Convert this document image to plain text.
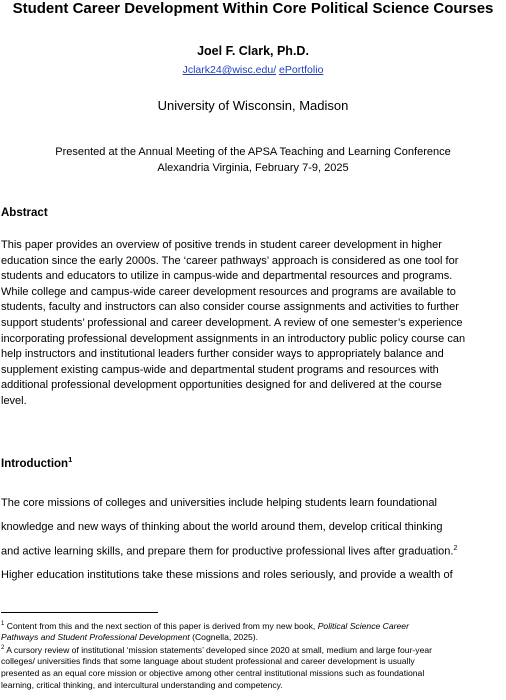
Student Career Development Within Core Political Science Courses
Joel F. Clark, Ph.D.
Jclark24@wisc.edu/ ePortfolio
University of Wisconsin, Madison
Presented at the Annual Meeting of the APSA Teaching and Learning Conference
Alexandria Virginia, February 7-9, 2025
Abstract
This paper provides an overview of positive trends in student career development in higher
education since the early 2000s. The ‘career pathways’ approach is considered as one tool for
students and educators to utilize in campus-wide and departmental resources and programs.
While college and campus-wide career development resources and programs are available to
students, faculty and instructors can also consider course assignments and activities to further
support students’ professional and career development. A review of one semester’s experience
incorporating professional development assignments in an introductory public policy course can
help instructors and institutional leaders further consider ways to appropriately balance and
supplement existing campus-wide and departmental student programs and resources with
additional professional development opportunities designed for and delivered at the course
level.
Introduction$^1$
The core missions of colleges and universities include helping students learn foundational
knowledge and new ways of thinking about the world around them, develop critical thinking
and active learning skills, and prepare them for productive professional lives after graduation.$^2$
Higher education institutions take these missions and roles seriously, and provide a wealth of
$^1$ Content from this and the next section of this paper is derived from my new book, Political Science Career
Pathways and Student Professional Development (Cognella, 2025).
$^2$ A cursory review of institutional ‘mission statements’ developed since 2020 at small, medium and large four-year
colleges/ universities finds that some language about student professional and career development is usually
presented as an equal core mission or objective among other central institutional missions such as foundational
learning, critical thinking, and intercultural understanding and competency.
